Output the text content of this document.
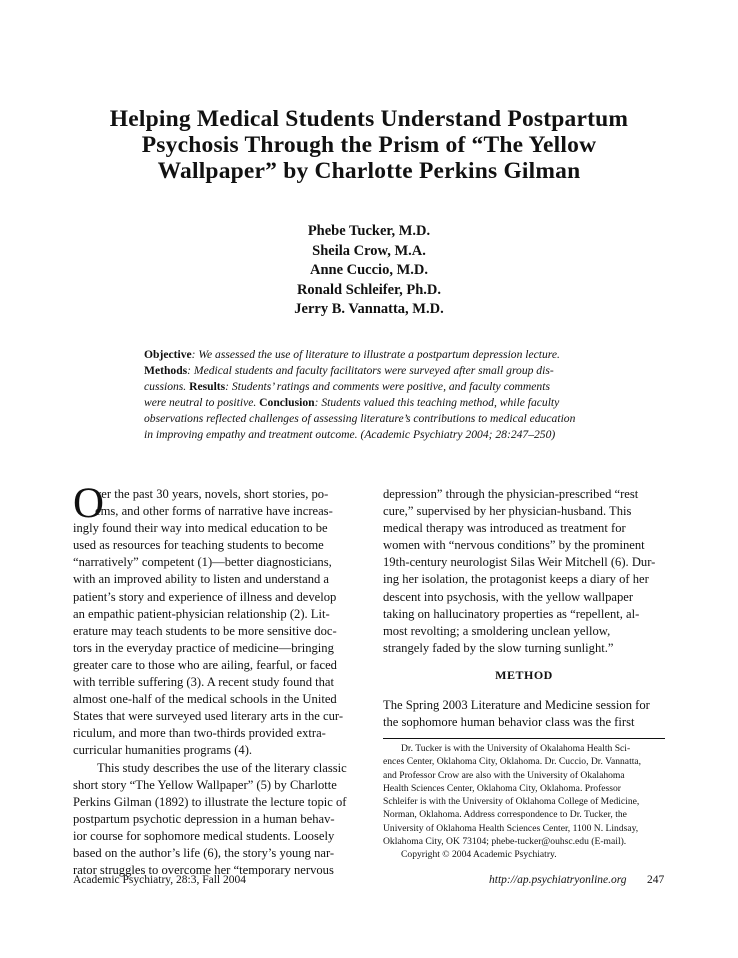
Helping Medical Students Understand Postpartum
Psychosis Through the Prism of “The Yellow
Wallpaper” by Charlotte Perkins Gilman
Phebe Tucker, M.D.
Sheila Crow, M.A.
Anne Cuccio, M.D.
Ronald Schleifer, Ph.D.
Jerry B. Vannatta, M.D.
Objective: We assessed the use of literature to illustrate a postpartum depression lecture.
Methods: Medical students and faculty facilitators were surveyed after small group dis-
cussions. Results: Students’ ratings and comments were positive, and faculty comments
were neutral to positive. Conclusion: Students valued this teaching method, while faculty
observations reflected challenges of assessing literature’s contributions to medical education
in improving empathy and treatment outcome. (Academic Psychiatry 2004; 28:247–250)
O
ver the past 30 years, novels, short stories, po-
ems, and other forms of narrative have increas-
ingly found their way into medical education to be
used as resources for teaching students to become
“narratively” competent (1)—better diagnosticians,
with an improved ability to listen and understand a
patient’s story and experience of illness and develop
an empathic patient-physician relationship (2). Lit-
erature may teach students to be more sensitive doc-
tors in the everyday practice of medicine—bringing
greater care to those who are ailing, fearful, or faced
with terrible suffering (3). A recent study found that
almost one-half of the medical schools in the United
States that were surveyed used literary arts in the cur-
riculum, and more than two-thirds provided extra-
curricular humanities programs (4).
This study describes the use of the literary classic
short story “The Yellow Wallpaper” (5) by Charlotte
Perkins Gilman (1892) to illustrate the lecture topic of
postpartum psychotic depression in a human behav-
ior course for sophomore medical students. Loosely
based on the author’s life (6), the story’s young nar-
rator struggles to overcome her “temporary nervous
depression” through the physician-prescribed “rest
cure,” supervised by her physician-husband. This
medical therapy was introduced as treatment for
women with “nervous conditions” by the prominent
19th-century neurologist Silas Weir Mitchell (6). Dur-
ing her isolation, the protagonist keeps a diary of her
descent into psychosis, with the yellow wallpaper
taking on hallucinatory properties as “repellent, al-
most revolting; a smoldering unclean yellow,
strangely faded by the slow turning sunlight.”
METHOD
The Spring 2003 Literature and Medicine session for
the sophomore human behavior class was the first
Dr. Tucker is with the University of Okalahoma Health Sci-
ences Center, Oklahoma City, Oklahoma. Dr. Cuccio, Dr. Vannatta,
and Professor Crow are also with the University of Okalahoma
Health Sciences Center, Oklahoma City, Oklahoma. Professor
Schleifer is with the University of Oklahoma College of Medicine,
Norman, Oklahoma. Address correspondence to Dr. Tucker, the
University of Oklahoma Health Sciences Center, 1100 N. Lindsay,
Oklahoma City, OK 73104; phebe-tucker@ouhsc.edu (E-mail).
Copyright © 2004 Academic Psychiatry.
Academic Psychiatry, 28:3, Fall 2004	http://ap.psychiatryonline.org 247
